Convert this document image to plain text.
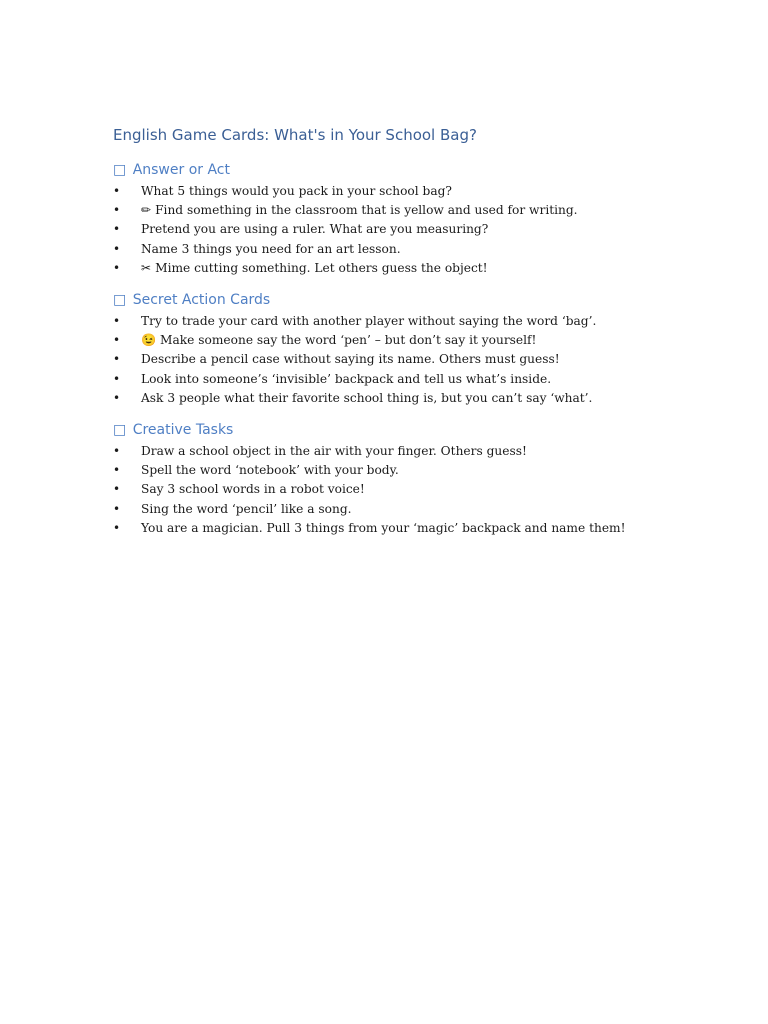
English Game Cards: What's in Your School Bag?
□ Answer or Act
• What 5 things would you pack in your school bag?
• ✏ Find something in the classroom that is yellow and used for writing.
• Pretend you are using a ruler. What are you measuring?
• Name 3 things you need for an art lesson.
• ✂ Mime cutting something. Let others guess the object!
□ Secret Action Cards
• Try to trade your card with another player without saying the word ‘bag’.
• 😉 Make someone say the word ‘pen’ – but don’t say it yourself!
• Describe a pencil case without saying its name. Others must guess!
• Look into someone’s ‘invisible’ backpack and tell us what’s inside.
• Ask 3 people what their favorite school thing is, but you can’t say ‘what’.
□ Creative Tasks
• Draw a school object in the air with your finger. Others guess!
• Spell the word ‘notebook’ with your body.
• Say 3 school words in a robot voice!
• Sing the word ‘pencil’ like a song.
• You are a magician. Pull 3 things from your ‘magic’ backpack and name them!
